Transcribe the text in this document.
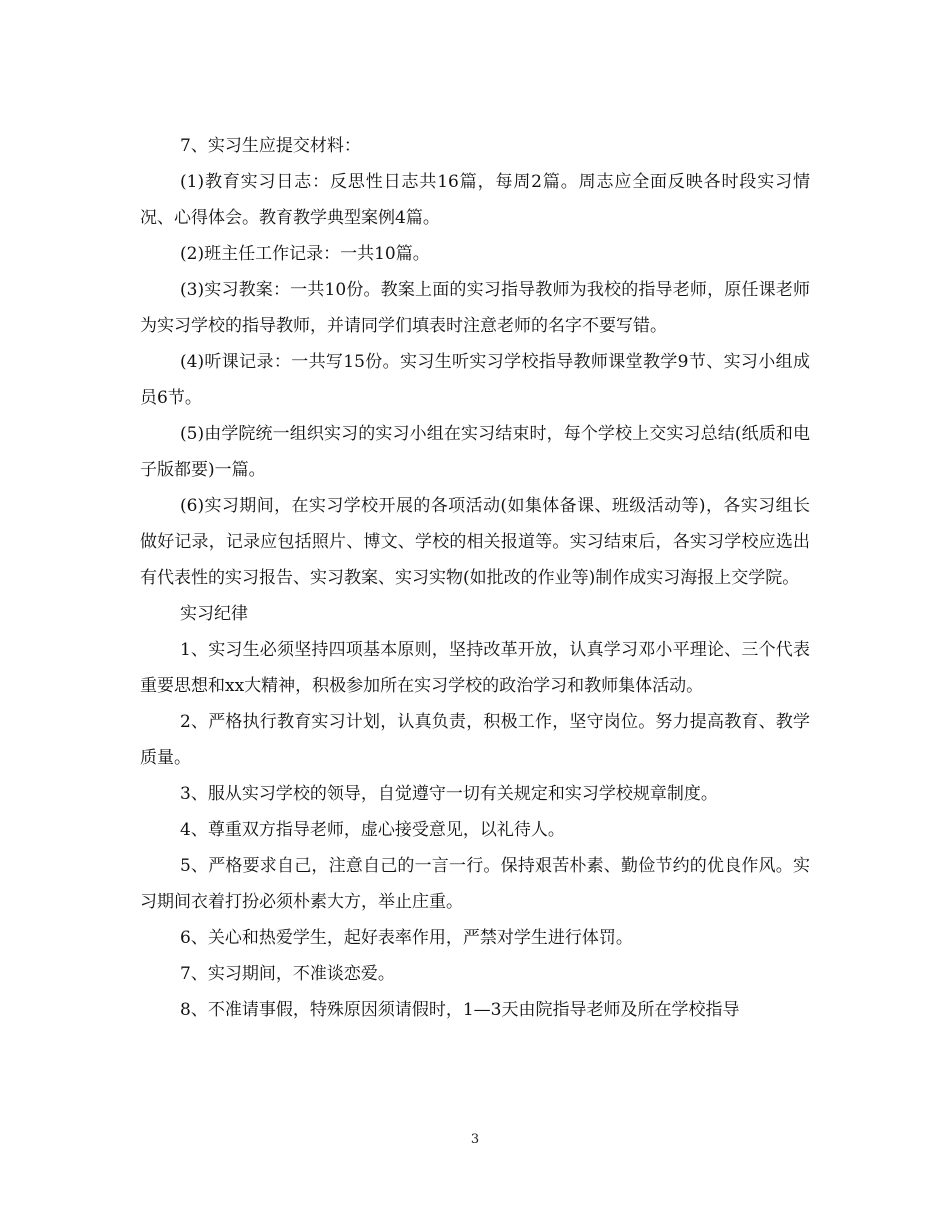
7、实习生应提交材料：

(1)教育实习日志：反思性日志共16篇，每周2篇。周志应全面反映各时段实习情况、心得体会。教育教学典型案例4篇。

(2)班主任工作记录：一共10篇。

(3)实习教案：一共10份。教案上面的实习指导教师为我校的指导老师，原任课老师为实习学校的指导教师，并请同学们填表时注意老师的名字不要写错。

(4)听课记录：一共写15份。实习生听实习学校指导教师课堂教学9节、实习小组成员6节。

(5)由学院统一组织实习的实习小组在实习结束时，每个学校上交实习总结(纸质和电子版都要)一篇。

(6)实习期间，在实习学校开展的各项活动(如集体备课、班级活动等)，各实习组长做好记录，记录应包括照片、博文、学校的相关报道等。实习结束后，各实习学校应选出有代表性的实习报告、实习教案、实习实物(如批改的作业等)制作成实习海报上交学院。

实习纪律

1、实习生必须坚持四项基本原则，坚持改革开放，认真学习邓小平理论、三个代表重要思想和xx大精神，积极参加所在实习学校的政治学习和教师集体活动。

2、严格执行教育实习计划，认真负责，积极工作，坚守岗位。努力提高教育、教学质量。

3、服从实习学校的领导，自觉遵守一切有关规定和实习学校规章制度。

4、尊重双方指导老师，虚心接受意见，以礼待人。

5、严格要求自己，注意自己的一言一行。保持艰苦朴素、勤俭节约的优良作风。实习期间衣着打扮必须朴素大方，举止庄重。

6、关心和热爱学生，起好表率作用，严禁对学生进行体罚。

7、实习期间，不准谈恋爱。

8、不准请事假，特殊原因须请假时，1—3天由院指导老师及所在学校指导

3
